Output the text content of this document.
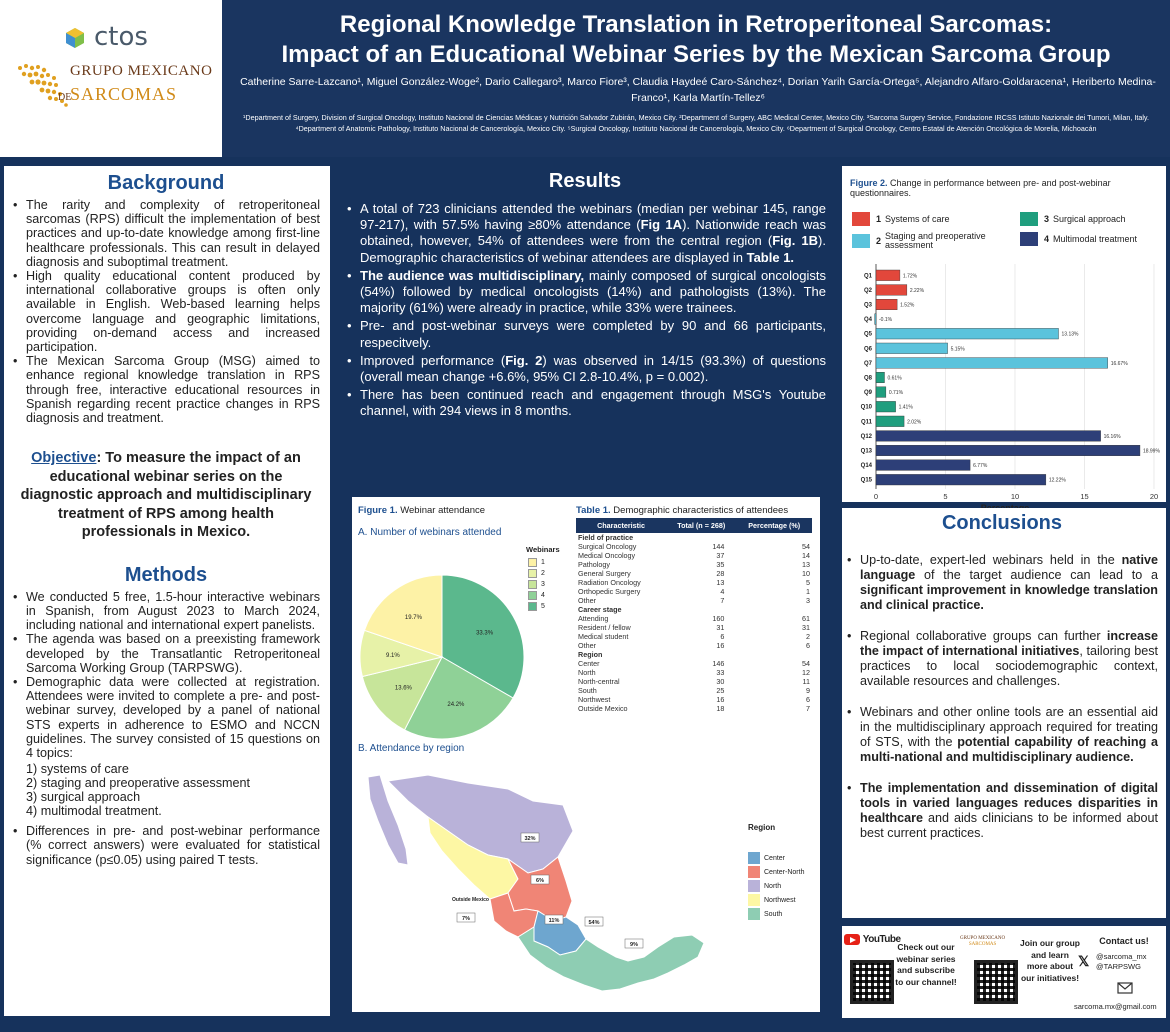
ctos
GRUPO MEXICANO
DE
SARCOMAS
Regional Knowledge Translation in Retroperitoneal Sarcomas:
Impact of an Educational Webinar Series by the Mexican Sarcoma Group
Catherine Sarre-Lazcano¹, Miguel González-Woge², Dario Callegaro³, Marco Fiore³, Claudia Haydeé Caro-Sánchez⁴, Dorian Yarih García-Ortega⁵, Alejandro Alfaro-Goldaracena¹, Heriberto Medina-Franco¹, Karla Martín-Tellez⁶
¹Department of Surgery, Division of Surgical Oncology, Instituto Nacional de Ciencias Médicas y Nutrición Salvador Zubirán, Mexico City. ²Department of Surgery, ABC Medical Center, Mexico City. ³Sarcoma Surgery Service, Fondazione IRCSS Istituto Nazionale dei Tumori, Milan, Italy. ⁴Department of Anatomic Pathology, Instituto Nacional de Cancerología, Mexico City. ⁵Surgical Oncology, Instituto Nacional de Cancerología, Mexico City. ⁶Department of Surgical Oncology, Centro Estatal de Atención Oncológica de Morelia, Michoacán
Background
• The rarity and complexity of retroperitoneal sarcomas (RPS) difficult the implementation of best practices and up-to-date knowledge among first-line healthcare professionals. This can result in delayed diagnosis and suboptimal treatment.
• High quality educational content produced by international collaborative groups is often only available in English. Web-based learning helps overcome language and geographic limitations, providing on-demand access and increased participation.
• The Mexican Sarcoma Group (MSG) aimed to enhance regional knowledge translation in RPS through free, interactive educational resources in Spanish regarding recent practice changes in RPS diagnosis and treatment.
Objective: To measure the impact of an educational webinar series on the diagnostic approach and multidisciplinary treatment of RPS among health professionals in Mexico.
Methods
• We conducted 5 free, 1.5-hour interactive webinars in Spanish, from August 2023 to March 2024, including national and international expert panelists.
• The agenda was based on a preexisting framework developed by the Transatlantic Retroperitoneal Sarcoma Working Group (TARPSWG).
• Demographic data were collected at registration. Attendees were invited to complete a pre- and post-webinar survey, developed by a panel of national STS experts in adherence to ESMO and NCCN guidelines. The survey consisted of 15 questions on 4 topics:
1) systems of care
2) staging and preoperative assessment
3) surgical approach
4) multimodal treatment.
• Differences in pre- and post-webinar performance (% correct answers) were evaluated for statistical significance (p≤0.05) using paired T tests.
Results
• A total of 723 clinicians attended the webinars (median per webinar 145, range 97-217), with 57.5% having ≥80% attendance (Fig 1A). Nationwide reach was obtained, however, 54% of attendees were from the central region (Fig. 1B). Demographic characteristics of webinar attendees are displayed in Table 1.
• The audience was multidisciplinary, mainly composed of surgical oncologists (54%) followed by medical oncologists (14%) and pathologists (13%). The majority (61%) were already in practice, while 33% were trainees.
• Pre- and post-webinar surveys were completed by 90 and 66 participants, respecitvely.
• Improved performance (Fig. 2) was observed in 14/15 (93.3%) of questions (overall mean change +6.6%, 95% CI 2.8-10.4%, p = 0.002).
• There has been continued reach and engagement through MSG's Youtube channel, with 294 views in 8 months.
Figure 1. Webinar attendance
A. Number of webinars attended
33.3%
24.2%
13.6%
9.1%
19.7%
Webinars
1
2
3
4
5
B. Attendance by region
32%
6%
11%	54%
9%
7%
Outside Mexico
Region
Center
Center-North
North
Northwest
South
Table 1. Demographic characteristics of attendees
Characteristic	Total (n = 268)	Percentage (%)
Field of practice		
Surgical Oncology	144	54
Medical Oncology	37	14
Pathology	35	13
General Surgery	28	10
Radiation Oncology	13	5
Orthopedic Surgery	4	1
Other	7	3
Career stage		
Attending	160	61
Resident / fellow	31	31
Medical student	6	2
Other	16	6
Region		
Center	146	54
North	33	12
North-central	30	11
South	25	9
Northwest	16	6
Outside Mexico	18	7
Figure 2. Change in performance between pre- and post-webinar questionnaires.
1 Systems of care
2 Staging and preoperative assessment
3 Surgical approach
4 Multimodal treatment
0	5	10	15	20
1.72%
Q1
2.22%
Q2
1.52%
Q3
-0.1%
Q4
13.13%
Q5
5.15%
Q6
16.67%
Q7
0.61%
Q8
0.71%
Q9
1.41%
Q10
2.02%
Q11
16.16%
Q12
18.99%
Q13
6.77%
Q14
12.22%
Q15
Conclusions
• Up-to-date, expert-led webinars held in the native language of the target audience can lead to a significant improvement in knowledge translation and clinical practice.
• Regional collaborative groups can further increase the impact of international initiatives, tailoring best practices to local sociodemographic context, available resources and challenges.
• Webinars and other online tools are an essential aid in the multidisciplinary approach required for treating of STS, with the potential capability of reaching a multi-national and multidisciplinary audience.
• The implementation and dissemination of digital tools in varied languages reduces disparities in healthcare and aids clinicians to be informed about best current practices.
YouTube
Check out our webinar series and subscribe to our channel!
GRUPO MEXICANO
SARCOMAS	Join our group and learn more about our initiatives!
Contact us!
𝕏 @sarcoma_mx
@TARPSWG
sarcoma.mx@gmail.com
